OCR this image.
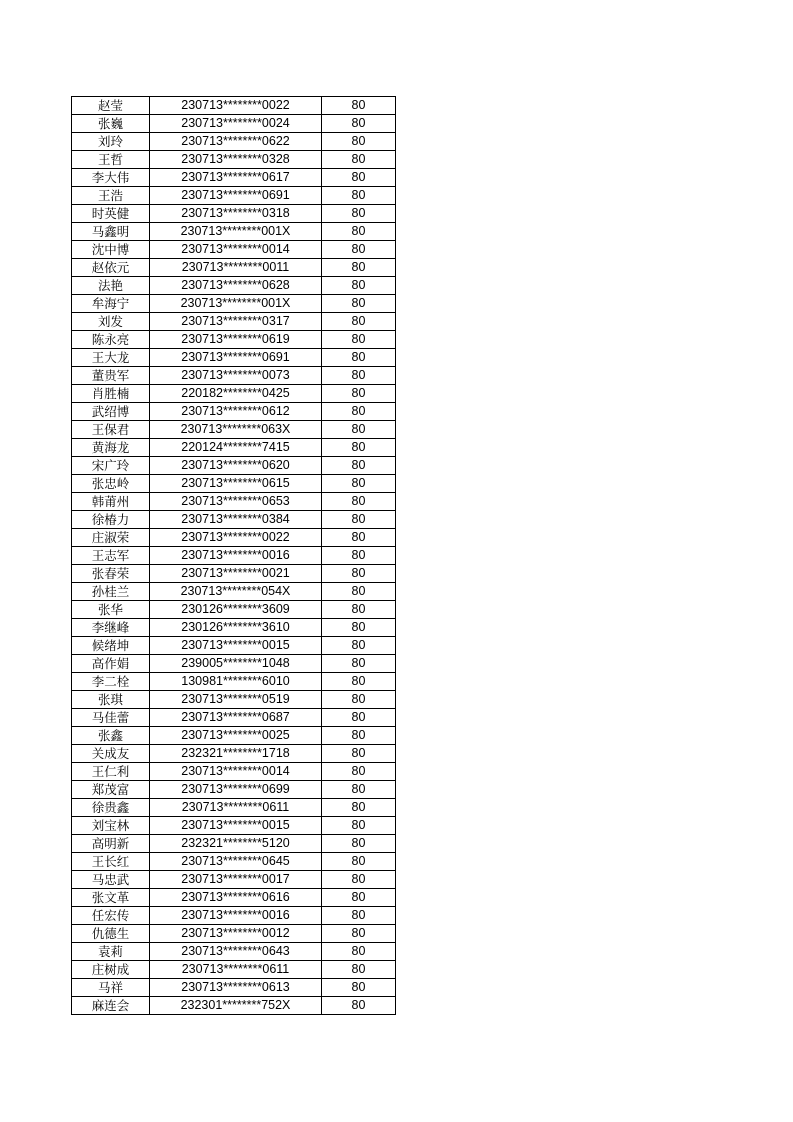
赵莹	230713********0022	80
张巍	230713********0024	80
刘玲	230713********0622	80
王哲	230713********0328	80
李大伟	230713********0617	80
王浩	230713********0691	80
时英健	230713********0318	80
马鑫明	230713********001X	80
沈中博	230713********0014	80
赵依元	230713********0011	80
法艳	230713********0628	80
牟海宁	230713********001X	80
刘发	230713********0317	80
陈永亮	230713********0619	80
王大龙	230713********0691	80
董贵军	230713********0073	80
肖胜楠	220182********0425	80
武绍博	230713********0612	80
王保君	230713********063X	80
黄海龙	220124********7415	80
宋广玲	230713********0620	80
张忠岭	230713********0615	80
韩莆州	230713********0653	80
徐椿力	230713********0384	80
庄淑荣	230713********0022	80
王志军	230713********0016	80
张春荣	230713********0021	80
孙桂兰	230713********054X	80
张华	230126********3609	80
李继峰	230126********3610	80
候绪坤	230713********0015	80
高作娟	239005********1048	80
李二栓	130981********6010	80
张琪	230713********0519	80
马佳蕾	230713********0687	80
张鑫	230713********0025	80
关成友	232321********1718	80
王仁利	230713********0014	80
郑茂富	230713********0699	80
徐贵鑫	230713********0611	80
刘宝林	230713********0015	80
高明新	232321********5120	80
王长红	230713********0645	80
马忠武	230713********0017	80
张文革	230713********0616	80
任宏传	230713********0016	80
仇德生	230713********0012	80
袁莉	230713********0643	80
庄树成	230713********0611	80
马祥	230713********0613	80
麻连会	232301********752X	80
